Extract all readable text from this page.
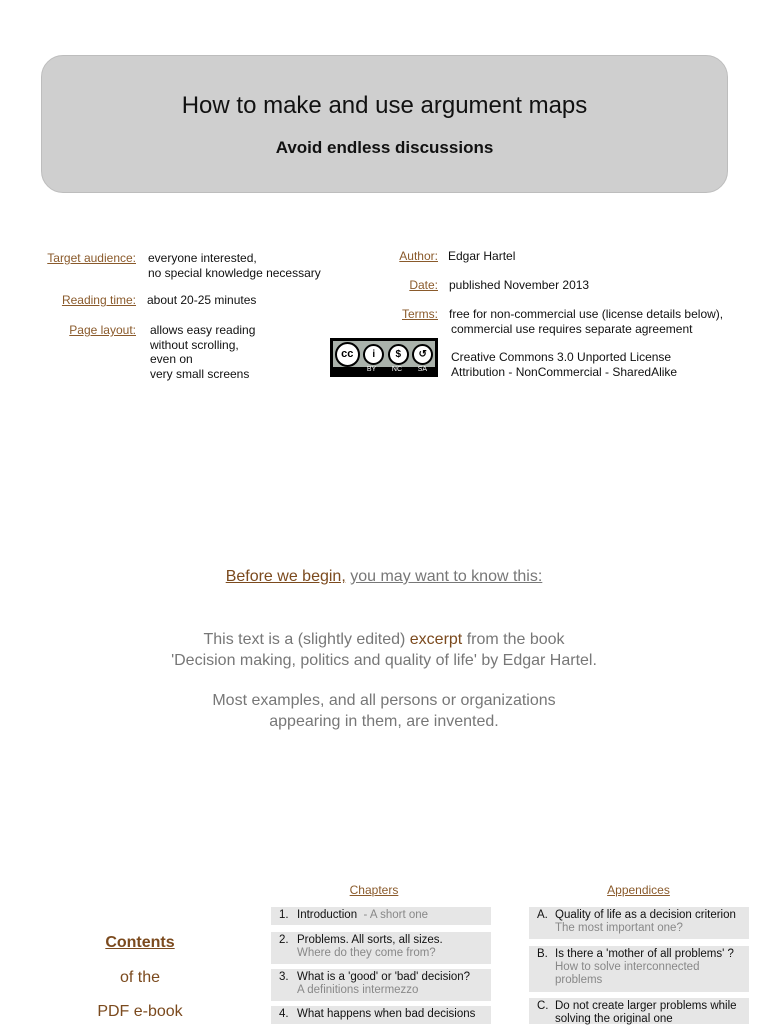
How to make and use argument maps
Avoid endless discussions
Target audience: everyone interested,
no special knowledge necessary
Reading time: about 20-25 minutes
Page layout: allows easy reading
without scrolling,
even on
very small screens
Author: Edgar Hartel
Date: published November 2013
Terms: free for non-commercial use (license details below),
commercial use requires separate agreement
cc	i	$	↺
BY NC SA
Creative Commons 3.0 Unported License
Attribution - NonCommercial - SharedAlike
Before we begin, you may want to know this:
This text is a (slightly edited) excerpt from the book
'Decision making, politics and quality of life' by Edgar Hartel.
Most examples, and all persons or organizations
appearing in them, are invented.
Contents
of the
PDF e-book
Chapters
1. Introduction - A short one
2. Problems. All sorts, all sizes.
Where do they come from?
3. What is a 'good' or 'bad' decision?
A definitions intermezzo
4. What happens when bad decisions
Appendices
A. Quality of life as a decision criterion
The most important one?
B. Is there a 'mother of all problems' ?
How to solve interconnected problems
C. Do not create larger problems while
solving the original one
